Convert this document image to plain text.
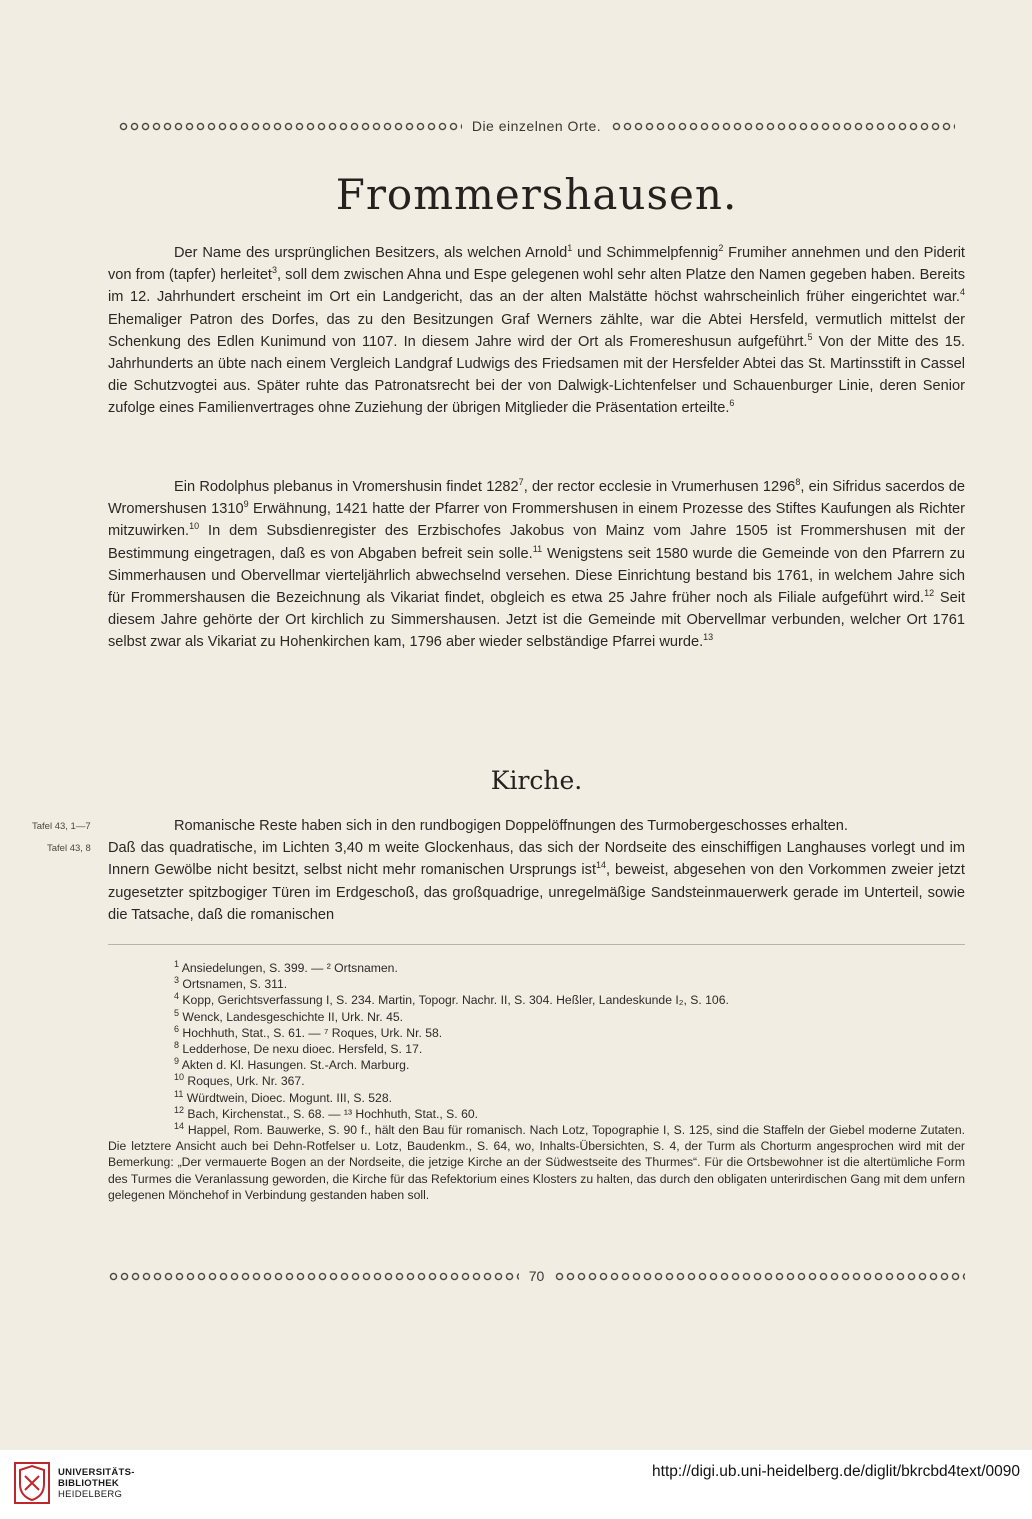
Die einzelnen Orte.
Frommershausen.

Der Name des ursprünglichen Besitzers, als welchen Arnold$^1$ und Schimmelpfennig$^2$ Frumiher annehmen und den Piderit von from (tapfer) herleitet$^3$, soll dem zwischen Ahna und Espe gelegenen wohl sehr alten Platze den Namen gegeben haben. Bereits im 12. Jahrhundert erscheint im Ort ein Landgericht, das an der alten Malstätte höchst wahrscheinlich früher eingerichtet war.$^4$ Ehemaliger Patron des Dorfes, das zu den Besitzungen Graf Werners zählte, war die Abtei Hersfeld, vermutlich mittelst der Schenkung des Edlen Kunimund von 1107. In diesem Jahre wird der Ort als Fromereshusun aufgeführt.$^5$ Von der Mitte des 15. Jahrhunderts an übte nach einem Vergleich Landgraf Ludwigs des Friedsamen mit der Hersfelder Abtei das St. Martinsstift in Cassel die Schutzvogtei aus. Später ruhte das Patronatsrecht bei der von Dalwigk-Lichtenfelser und Schauenburger Linie, deren Senior zufolge eines Familienvertrages ohne Zuziehung der übrigen Mitglieder die Präsentation erteilte.$^6$

Ein Rodolphus plebanus in Vromershusin findet 1282$^7$, der rector ecclesie in Vrumerhusen 1296$^8$, ein Sifridus sacerdos de Wromershusen 1310$^9$ Erwähnung, 1421 hatte der Pfarrer von Frommershusen in einem Prozesse des Stiftes Kaufungen als Richter mitzuwirken.$^{10}$ In dem Subsdienregister des Erzbischofes Jakobus von Mainz vom Jahre 1505 ist Frommershusen mit der Bestimmung eingetragen, daß es von Abgaben befreit sein solle.$^{11}$ Wenigstens seit 1580 wurde die Gemeinde von den Pfarrern zu Simmerhausen und Obervellmar vierteljährlich abwechselnd versehen. Diese Einrichtung bestand bis 1761, in welchem Jahre sich für Frommershausen die Bezeichnung als Vikariat findet, obgleich es etwa 25 Jahre früher noch als Filiale aufgeführt wird.$^{12}$ Seit diesem Jahre gehörte der Ort kirchlich zu Simmershausen. Jetzt ist die Gemeinde mit Obervellmar verbunden, welcher Ort 1761 selbst zwar als Vikariat zu Hohenkirchen kam, 1796 aber wieder selbständige Pfarrei wurde.$^{13}$

Kirche.
Tafel 43, 1—7
Tafel 43, 8

Romanische Reste haben sich in den rundbogigen Doppelöffnungen des Turmobergeschosses erhalten.

Daß das quadratische, im Lichten 3,40 m weite Glockenhaus, das sich der Nordseite des einschiffigen Langhauses vorlegt und im Innern Gewölbe nicht besitzt, selbst nicht mehr romanischen Ursprungs ist$^{14}$, beweist, abgesehen von den Vorkommen zweier jetzt zugesetzter spitzbogiger Türen im Erdgeschoß, das großquadrige, unregelmäßige Sandsteinmauerwerk gerade im Unterteil, sowie die Tatsache, daß die romanischen

$^1$ Ansiedelungen, S. 399. — ² Ortsnamen.
$^3$ Ortsnamen, S. 311.
$^4$ Kopp, Gerichtsverfassung I, S. 234. Martin, Topogr. Nachr. II, S. 304. Heßler, Landeskunde I₂, S. 106.
$^5$ Wenck, Landesgeschichte II, Urk. Nr. 45.
$^6$ Hochhuth, Stat., S. 61. — ⁷ Roques, Urk. Nr. 58.
$^8$ Ledderhose, De nexu dioec. Hersfeld, S. 17.
$^9$ Akten d. Kl. Hasungen. St.-Arch. Marburg.
$^{10}$ Roques, Urk. Nr. 367.
$^{11}$ Würdtwein, Dioec. Mogunt. III, S. 528.
$^{12}$ Bach, Kirchenstat., S. 68. — ¹³ Hochhuth, Stat., S. 60.
$^{14}$ Happel, Rom. Bauwerke, S. 90 f., hält den Bau für romanisch. Nach Lotz, Topographie I, S. 125, sind die Staffeln der Giebel moderne Zutaten. Die letztere Ansicht auch bei Dehn-Rotfelser u. Lotz, Baudenkm., S. 64, wo, Inhalts-Übersichten, S. 4, der Turm als Chorturm angesprochen wird mit der Bemerkung: „Der vermauerte Bogen an der Nordseite, die jetzige Kirche an der Südwestseite des Thurmes“. Für die Ortsbewohner ist die altertümliche Form des Turmes die Veranlassung geworden, die Kirche für das Refektorium eines Klosters zu halten, das durch den obligaten unterirdischen Gang mit dem unfern gelegenen Mönchehof in Verbindung gestanden haben soll.
70
UNIVERSITÄTS-
BIBLIOTHEK
HEIDELBERG
http://digi.ub.uni-heidelberg.de/diglit/bkrcbd4text/0090
